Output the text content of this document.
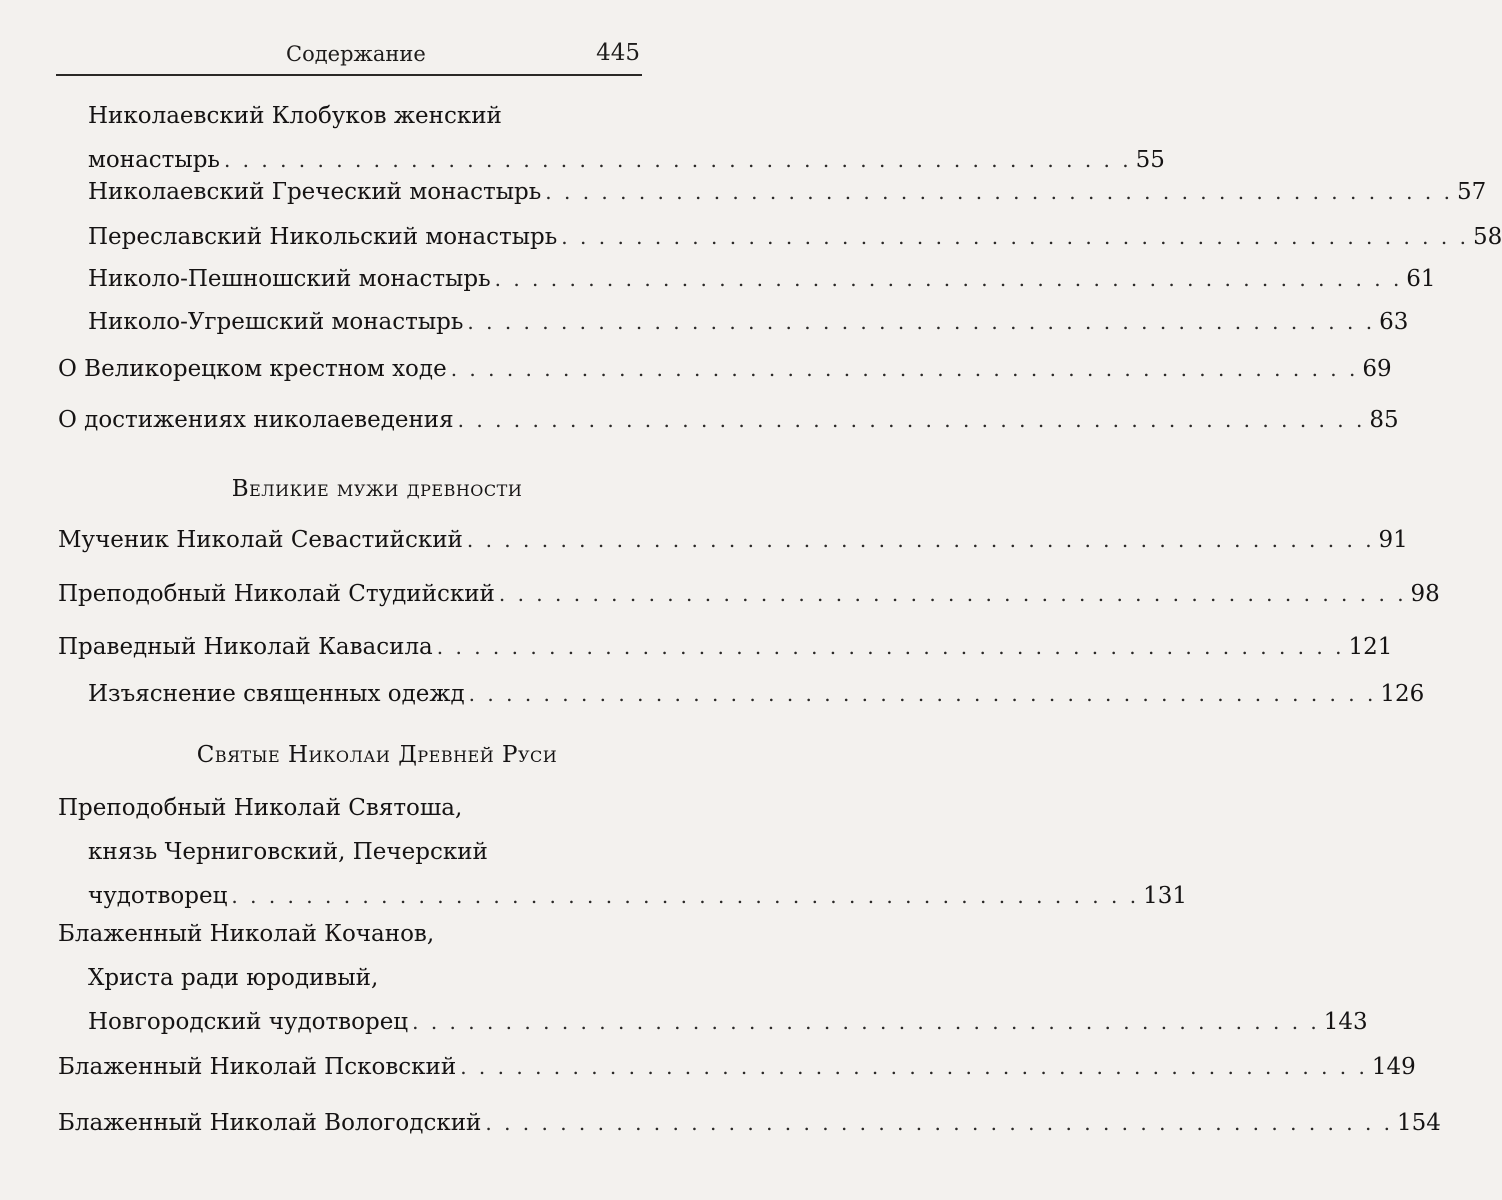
Содержание	445
Николаевский Клобуков женский
монастырь . . . . . . . . . . . . . . . . . . . . . . . . . . . . . . . . . . . . . . . . . . . . . . . . . 55
Николаевский Греческий монастырь . . . . . . . . . . . . . . . . . . . . . . . . . . . . . . . . . . . . . . . . . . . . . . . . . 57
Переславский Никольский монастырь . . . . . . . . . . . . . . . . . . . . . . . . . . . . . . . . . . . . . . . . . . . . . . . . . 58
Николо-Пешношский монастырь . . . . . . . . . . . . . . . . . . . . . . . . . . . . . . . . . . . . . . . . . . . . . . . . . 61
Николо-Угрешский монастырь . . . . . . . . . . . . . . . . . . . . . . . . . . . . . . . . . . . . . . . . . . . . . . . . . 63
О Великорецком крестном ходе . . . . . . . . . . . . . . . . . . . . . . . . . . . . . . . . . . . . . . . . . . . . . . . . . 69
О достижениях николаеведения . . . . . . . . . . . . . . . . . . . . . . . . . . . . . . . . . . . . . . . . . . . . . . . . . 85
Великие мужи древности
Мученик Николай Севастийский . . . . . . . . . . . . . . . . . . . . . . . . . . . . . . . . . . . . . . . . . . . . . . . . . 91
Преподобный Николай Студийский . . . . . . . . . . . . . . . . . . . . . . . . . . . . . . . . . . . . . . . . . . . . . . . . . 98
Праведный Николай Кавасила . . . . . . . . . . . . . . . . . . . . . . . . . . . . . . . . . . . . . . . . . . . . . . . . . 121
Изъяснение священных одежд . . . . . . . . . . . . . . . . . . . . . . . . . . . . . . . . . . . . . . . . . . . . . . . . . 126
Святые Николаи Древней Руси
Преподобный Николай Святоша,
князь Черниговский, Печерский
чудотворец . . . . . . . . . . . . . . . . . . . . . . . . . . . . . . . . . . . . . . . . . . . . . . . . . 131
Блаженный Николай Кочанов,
Христа ради юродивый,
Новгородский чудотворец . . . . . . . . . . . . . . . . . . . . . . . . . . . . . . . . . . . . . . . . . . . . . . . . . 143
Блаженный Николай Псковский . . . . . . . . . . . . . . . . . . . . . . . . . . . . . . . . . . . . . . . . . . . . . . . . . 149
Блаженный Николай Вологодский . . . . . . . . . . . . . . . . . . . . . . . . . . . . . . . . . . . . . . . . . . . . . . . . . 154
